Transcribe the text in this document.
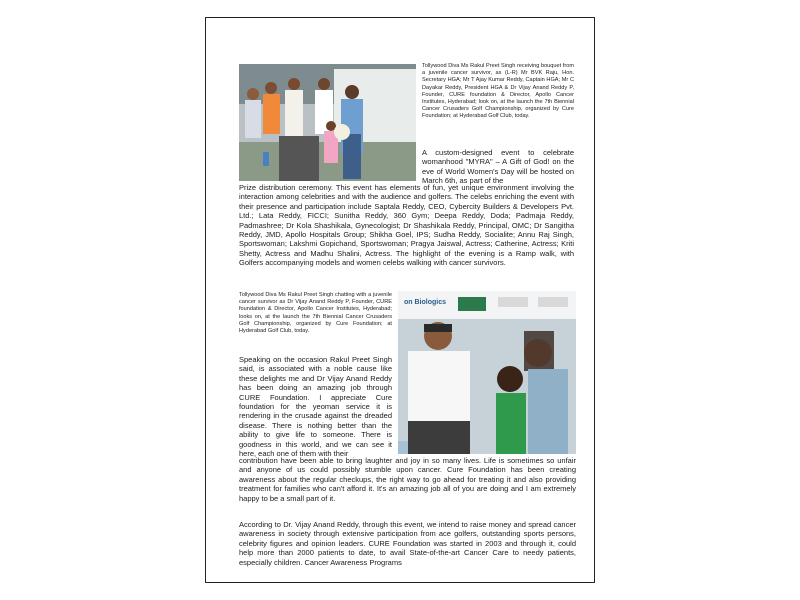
Tollywood Diva Ms Rakul Preet Singh receiving bouquet from a juvenile cancer survivor, as (L-R) Mr BVK Raju, Hon. Secretary HGA; Mr T Ajay Kumar Reddy, Captain HGA; Mr C Dayakar Reddy, President HGA & Dr Vijay Anand Reddy P, Founder, CURE foundation & Director, Apollo Cancer Institutes, Hyderabad; look on, at the launch the 7th Biennial Cancer Crusaders Golf Championship, organized by Cure Foundation; at Hyderabad Golf Club, today.
A custom-designed event to celebrate womanhood "MYRA" – A Gift of God! on the eve of World Women's Day will be hosted on March 6th, as part of the
Prize distribution ceremony. This event has elements of fun, yet unique environment involving the interaction among celebrities and with the audience and golfers. The celebs enriching the event with their presence and participation include Saptala Reddy, CEO, Cybercity Builders & Developers Pvt. Ltd.; Lata Reddy, FICCI; Sunitha Reddy, 360 Gym; Deepa Reddy, Doda; Padmaja Reddy, Padmashree; Dr Kola Shashikala, Gynecologist; Dr Shashikala Reddy, Principal, OMC; Dr Sangitha Reddy, JMD, Apollo Hospitals Group; Shikha Goel, IPS; Sudha Reddy, Socialite; Annu Raj Singh, Sportswoman; Lakshmi Gopichand, Sportswoman; Pragya Jaiswal, Actress; Catherine, Actress; Kriti Shetty, Actress and Madhu Shalini, Actress. The highlight of the evening is a Ramp walk, with Golfers accompanying models and women celebs walking with cancer survivors.
on Biologics
Tollywood Diva Ms Rakul Preet Singh chatting with a juvenile cancer survivor as Dr Vijay Anand Reddy P, Founder, CURE foundation & Director, Apollo Cancer Institutes, Hyderabad; looks on, at the launch the 7th Biennial Cancer Crusaders Golf Championship, organized by Cure Foundation; at Hyderabad Golf Club, today.
Speaking on the occasion Rakul Preet Singh said, is associated with a noble cause like these delights me and Dr Vijay Anand Reddy has been doing an amazing job through CURE Foundation. I appreciate Cure foundation for the yeoman service it is rendering in the crusade against the dreaded disease. There is nothing better than the ability to give life to someone. There is goodness in this world, and we can see it here, each one of them with their
contribution have been able to bring laughter and joy in so many lives. Life is sometimes so unfair and anyone of us could possibly stumble upon cancer. Cure Foundation has been creating awareness about the regular checkups, the right way to go ahead for treating it and also providing treatment for families who can't afford it. It's an amazing job all of you are doing and I am extremely happy to be a small part of it.
According to Dr. Vijay Anand Reddy, through this event, we intend to raise money and spread cancer awareness in society through extensive participation from ace golfers, outstanding sports persons, celebrity figures and opinion leaders. CURE Foundation was started in 2003 and through it, could help more than 2000 patients to date, to avail State-of-the-art Cancer Care to needy patients, especially children. Cancer Awareness Programs
